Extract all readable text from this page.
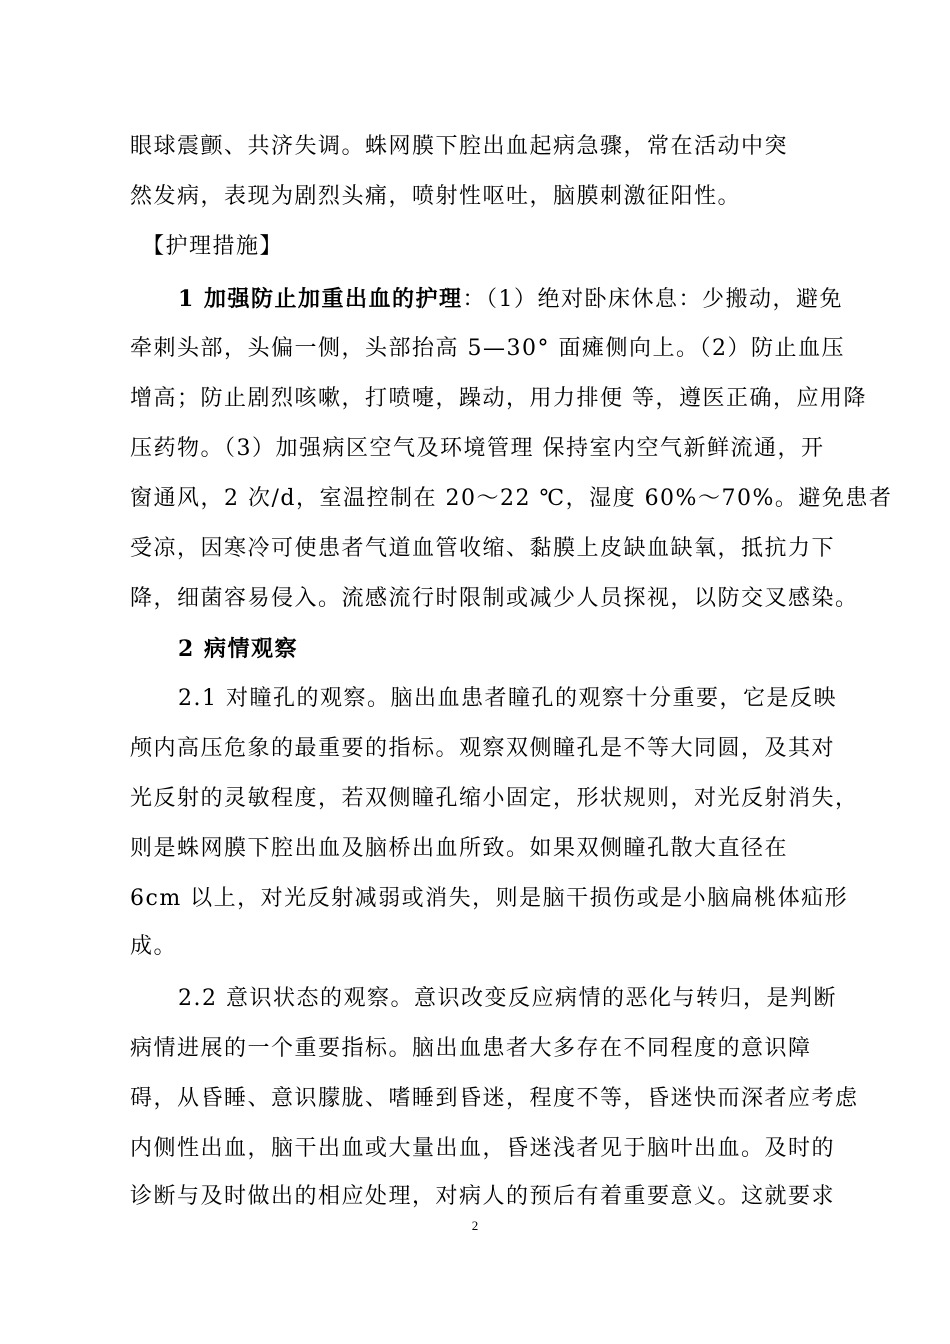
眼球震颤、共济失调。蛛网膜下腔出血起病急骤，常在活动中突
然发病，表现为剧烈头痛，喷射性呕吐，脑膜刺激征阳性。
【护理措施】
1 加强防止加重出血的护理：（1）绝对卧床休息：少搬动，避免
牵刺头部，头偏一侧，头部抬高 5—30° 面瘫侧向上。（2）防止血压
增高；防止剧烈咳嗽，打喷嚏，躁动，用力排便 等，遵医正确，应用降
压药物。（3）加强病区空气及环境管理 保持室内空气新鲜流通，开
窗通风，2 次/d，室温控制在 20～22 ℃，湿度 60%～70%。避免患者
受凉，因寒冷可使患者气道血管收缩、黏膜上皮缺血缺氧，抵抗力下
降，细菌容易侵入。流感流行时限制或减少人员探视，以防交叉感染。
2 病情观察
2.1 对瞳孔的观察。脑出血患者瞳孔的观察十分重要，它是反映
颅内高压危象的最重要的指标。观察双侧瞳孔是不等大同圆，及其对
光反射的灵敏程度，若双侧瞳孔缩小固定，形状规则，对光反射消失，
则是蛛网膜下腔出血及脑桥出血所致。如果双侧瞳孔散大直径在
6cm 以上，对光反射减弱或消失，则是脑干损伤或是小脑扁桃体疝形
成。
2.2 意识状态的观察。意识改变反应病情的恶化与转归，是判断
病情进展的一个重要指标。脑出血患者大多存在不同程度的意识障
碍，从昏睡、意识朦胧、嗜睡到昏迷，程度不等，昏迷快而深者应考虑
内侧性出血，脑干出血或大量出血，昏迷浅者见于脑叶出血。及时的
诊断与及时做出的相应处理，对病人的预后有着重要意义。这就要求
2
